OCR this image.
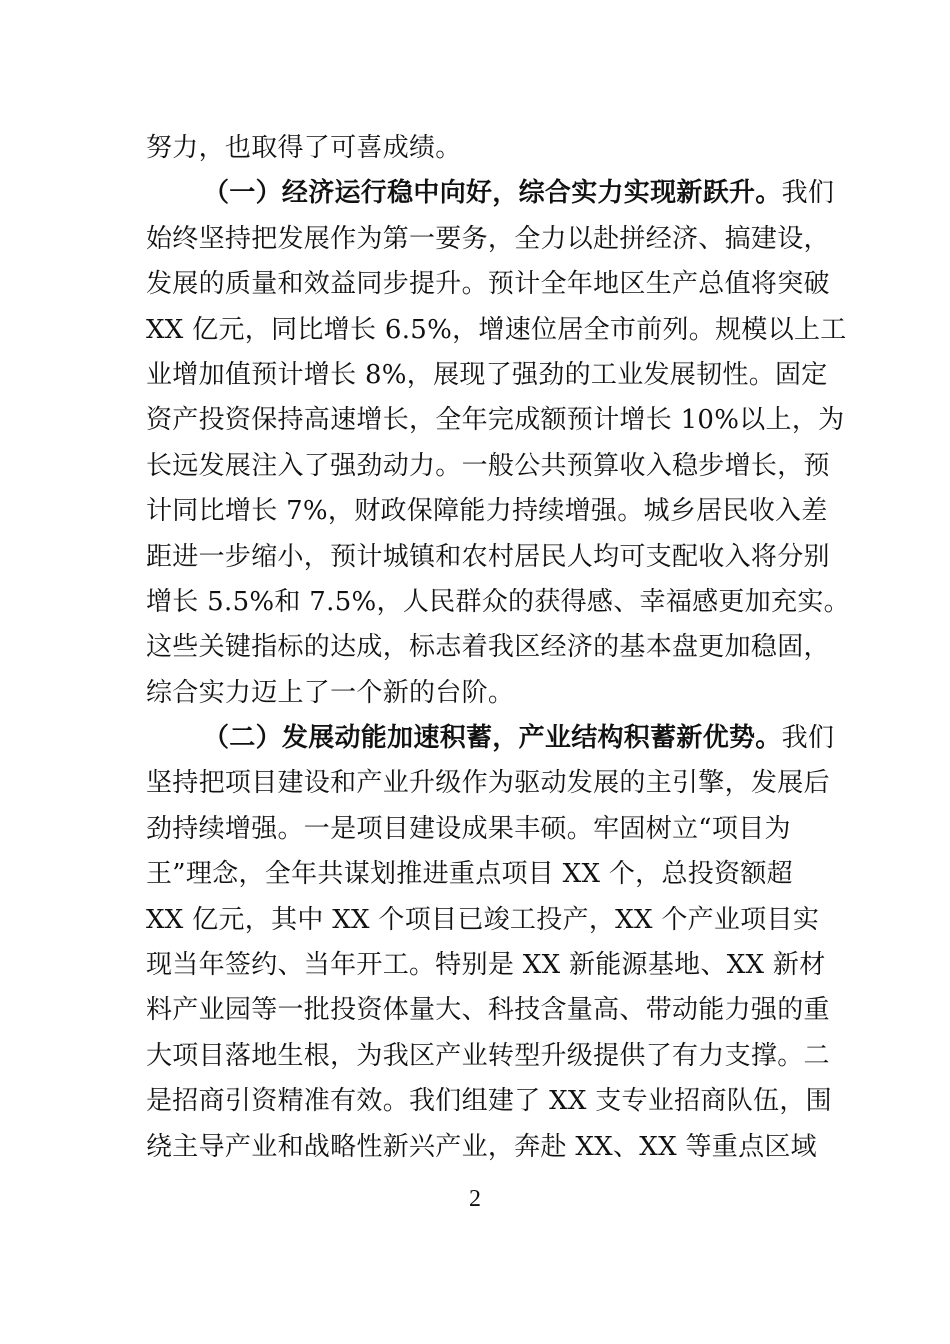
努力，也取得了可喜成绩。
（一）经济运行稳中向好，综合实力实现新跃升。我们
始终坚持把发展作为第一要务，全力以赴拼经济、搞建设，
发展的质量和效益同步提升。预计全年地区生产总值将突破
XX 亿元，同比增长 6.5%，增速位居全市前列。规模以上工
业增加值预计增长 8%，展现了强劲的工业发展韧性。固定
资产投资保持高速增长，全年完成额预计增长 10%以上，为
长远发展注入了强劲动力。一般公共预算收入稳步增长，预
计同比增长 7%，财政保障能力持续增强。城乡居民收入差
距进一步缩小，预计城镇和农村居民人均可支配收入将分别
增长 5.5%和 7.5%，人民群众的获得感、幸福感更加充实。
这些关键指标的达成，标志着我区经济的基本盘更加稳固，
综合实力迈上了一个新的台阶。
（二）发展动能加速积蓄，产业结构积蓄新优势。我们
坚持把项目建设和产业升级作为驱动发展的主引擎，发展后
劲持续增强。一是项目建设成果丰硕。牢固树立“项目为
王”理念，全年共谋划推进重点项目 XX 个，总投资额超
XX 亿元，其中 XX 个项目已竣工投产，XX 个产业项目实
现当年签约、当年开工。特别是 XX 新能源基地、XX 新材
料产业园等一批投资体量大、科技含量高、带动能力强的重
大项目落地生根，为我区产业转型升级提供了有力支撑。二
是招商引资精准有效。我们组建了 XX 支专业招商队伍，围
绕主导产业和战略性新兴产业，奔赴 XX、XX 等重点区域
2
